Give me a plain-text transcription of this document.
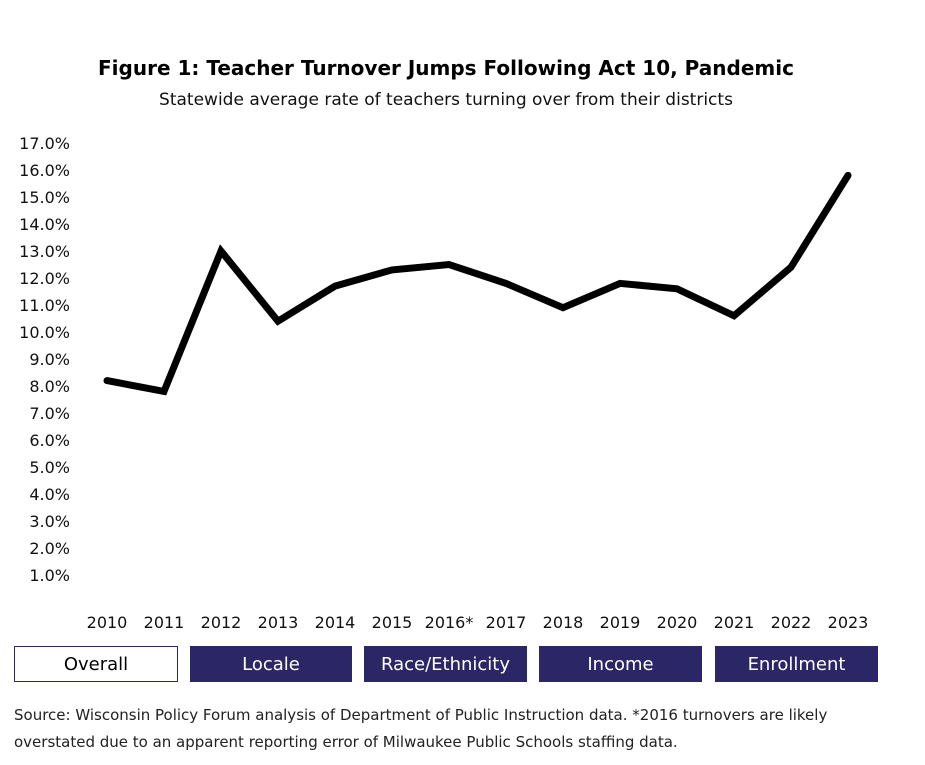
Figure 1: Teacher Turnover Jumps Following Act 10, Pandemic
Statewide average rate of teachers turning over from their districts
1.0%
2.0%
3.0%
4.0%
5.0%
6.0%
7.0%
8.0%
9.0%
10.0%
11.0%
12.0%
13.0%
14.0%
15.0%
16.0%
17.0%
2010 2011 2012 2013 2014 2015 2016* 2017 2018 2019 2020 2021 2022 2023
Overall	Locale	Race/Ethnicity	Income	Enrollment
Source: Wisconsin Policy Forum analysis of Department of Public Instruction data. *2016 turnovers are likely overstated due to an apparent reporting error of Milwaukee Public Schools staffing data.
